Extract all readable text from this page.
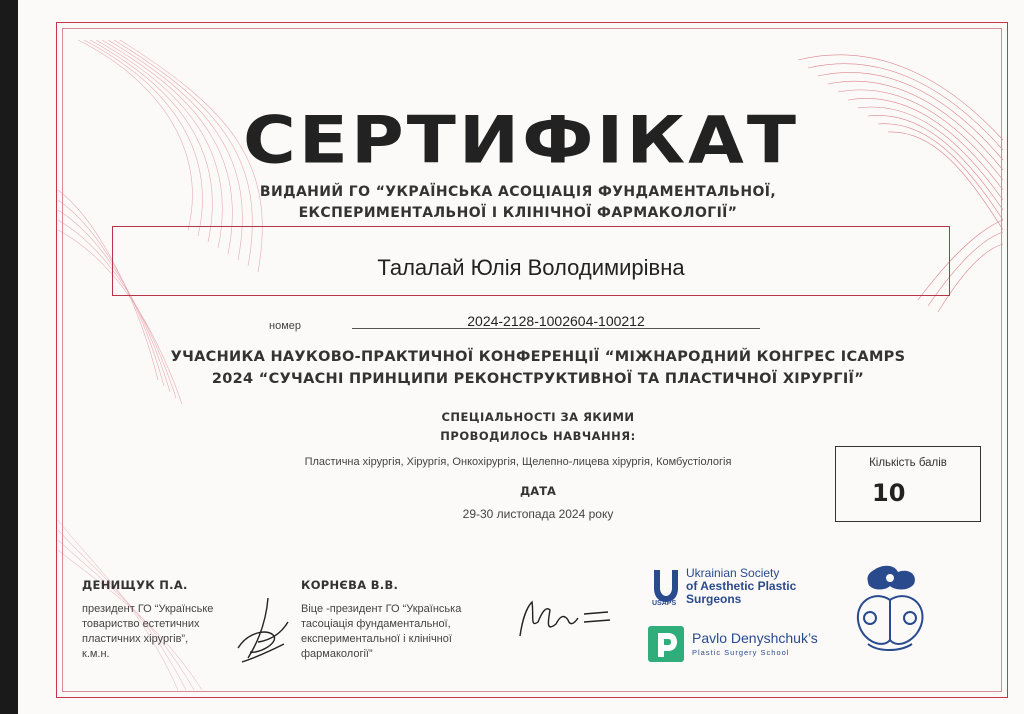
СЕРТИФІКАТ
ВИДАНИЙ ГО “УКРАЇНСЬКА АСОЦІАЦІЯ ФУНДАМЕНТАЛЬНОЇ,
ЕКСПЕРИМЕНТАЛЬНОЇ І КЛІНІЧНОЇ ФАРМАКОЛОГІЇ”
Талалай Юлія Володимирівна
номер	2024-2128-1002604-100212
УЧАСНИКА НАУКОВО-ПРАКТИЧНОЇ КОНФЕРЕНЦІЇ “МІЖНАРОДНИЙ КОНГРЕС ICAMPS
2024 “СУЧАСНІ ПРИНЦИПИ РЕКОНСТРУКТИВНОЇ ТА ПЛАСТИЧНОЇ ХІРУРГІЇ”
СПЕЦІАЛЬНОСТІ ЗА ЯКИМИ
ПРОВОДИЛОСЬ НАВЧАННЯ:
Пластична хірургія, Хірургія, Онкохірургія, Щелепно-лицева хірургія, Комбустіологія
ДАТА
29-30 листопада 2024 року
Кількість балів
10
ДЕНИЩУК П.А.
президент ГО “Українське
товариство естетичних
пластичних хірургів”,
к.м.н.
КОРНЄВА В.В.
Віце -президент ГО “Українська
тасоціація фундаментальної,
експериментальної і клінічної
фармакології”
USAPS
Ukrainian Society
of Aesthetic Plastic
Surgeons
Pavlo Denyshchuk’s
Plastic Surgery School
